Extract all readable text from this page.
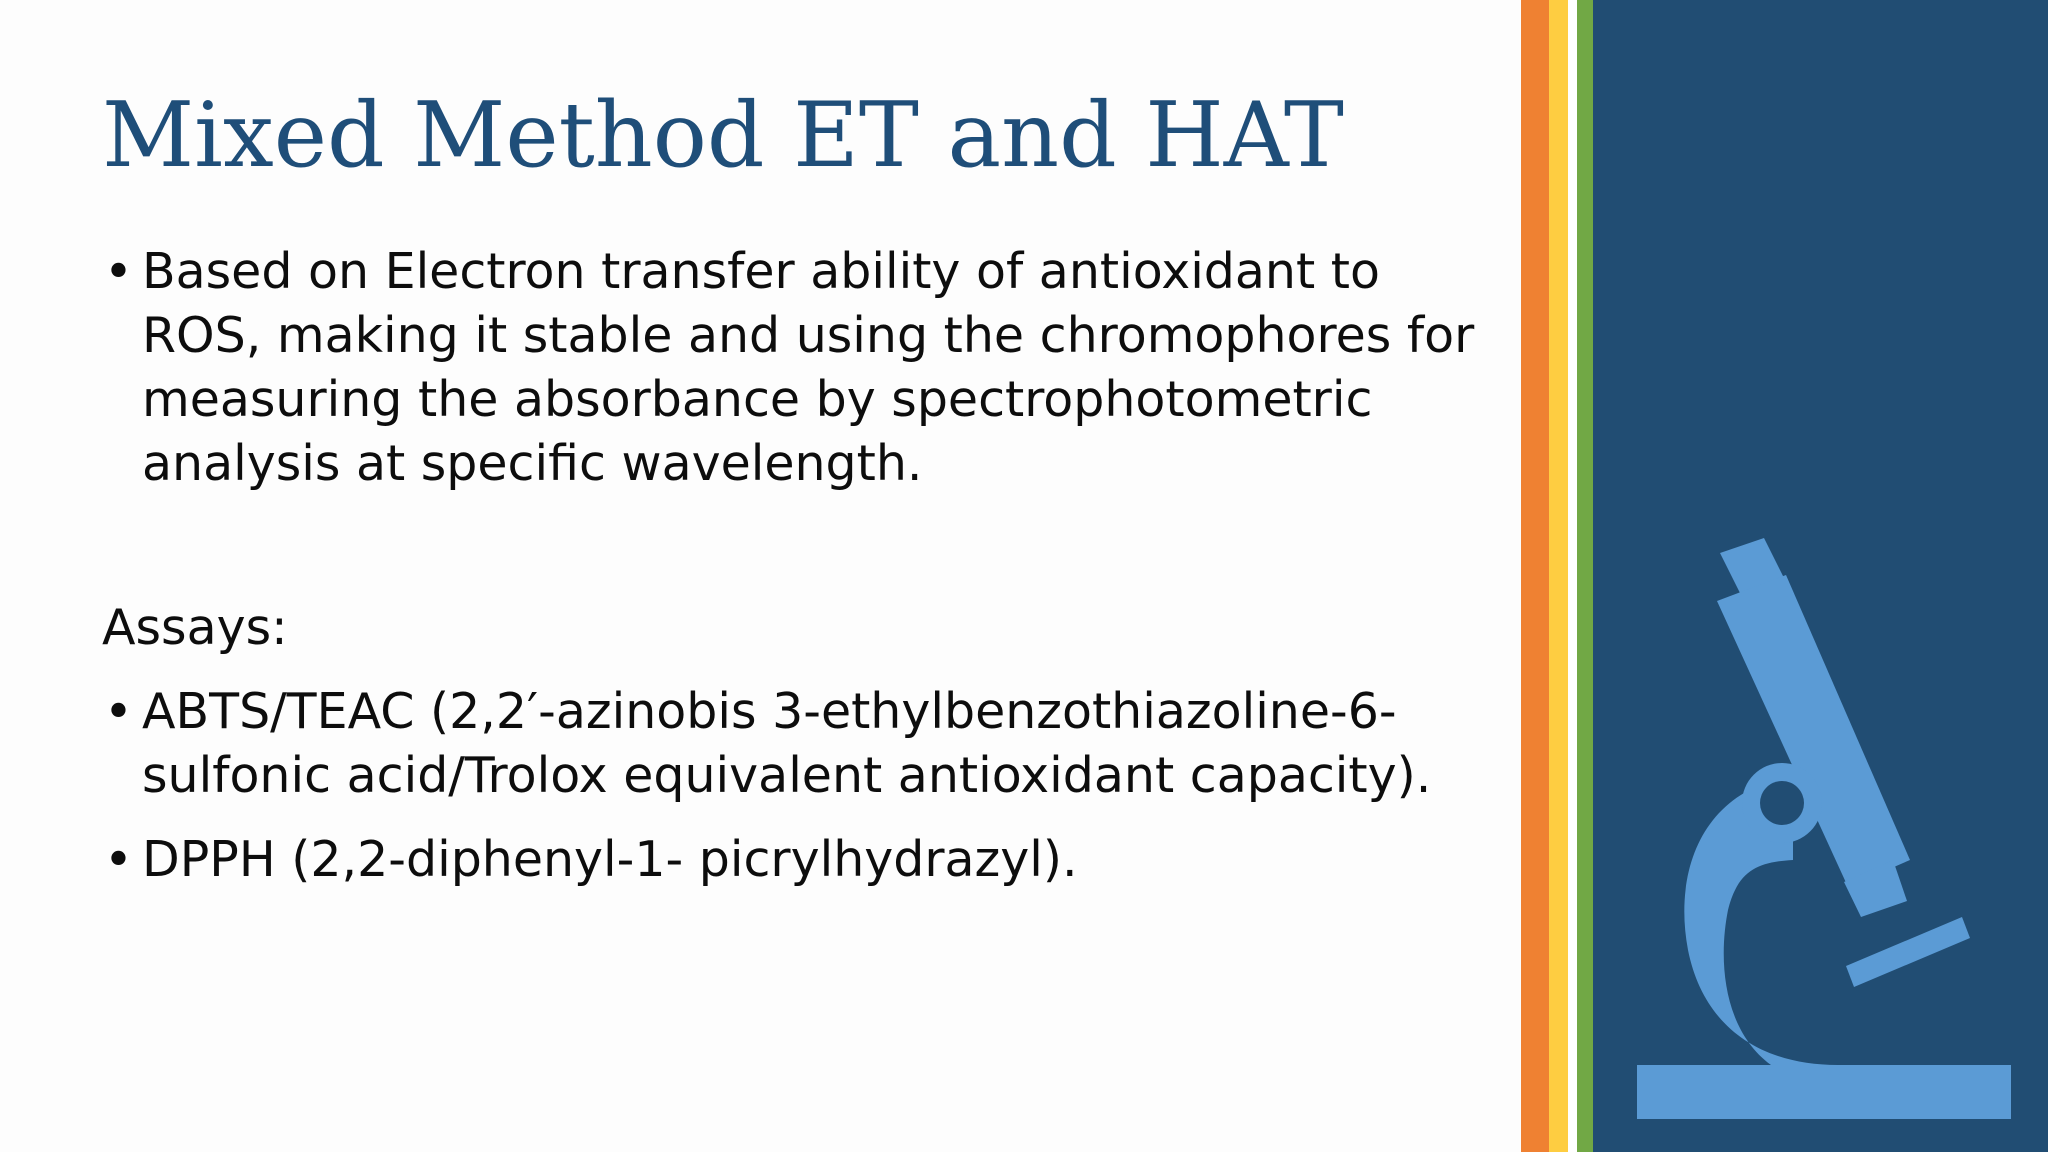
Mixed Method ET and HAT
• Based on Electron transfer ability of antioxidant to
ROS, making it stable and using the chromophores for
measuring the absorbance by spectrophotometric
analysis at specific wavelength.

Assays:

• ABTS/TEAC (2,2′-azinobis 3-ethylbenzothiazoline-6-
sulfonic acid/Trolox equivalent antioxidant capacity).
• DPPH (2,2-diphenyl-1- picrylhydrazyl).
